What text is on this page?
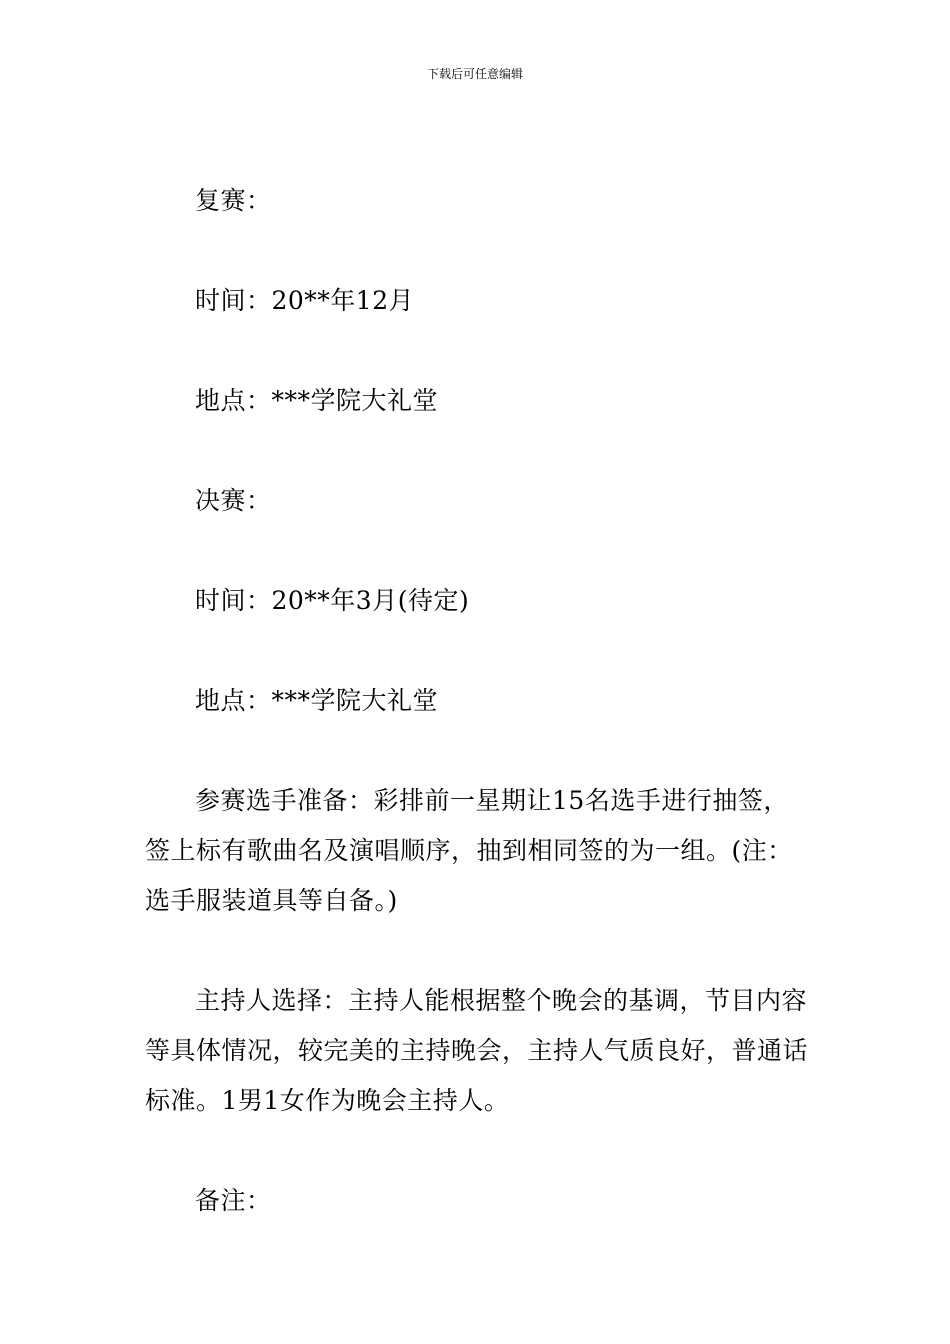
下载后可任意编辑

复赛：

时间：20**年12月

地点：***学院大礼堂

决赛：

时间：20**年3月(待定)

地点：***学院大礼堂

参赛选手准备：彩排前一星期让15名选手进行抽签，签上标有歌曲名及演唱顺序，抽到相同签的为一组。(注：选手服装道具等自备。)

主持人选择：主持人能根据整个晚会的基调，节目内容等具体情况，较完美的主持晚会，主持人气质良好，普通话标准。1男1女作为晚会主持人。

备注：
